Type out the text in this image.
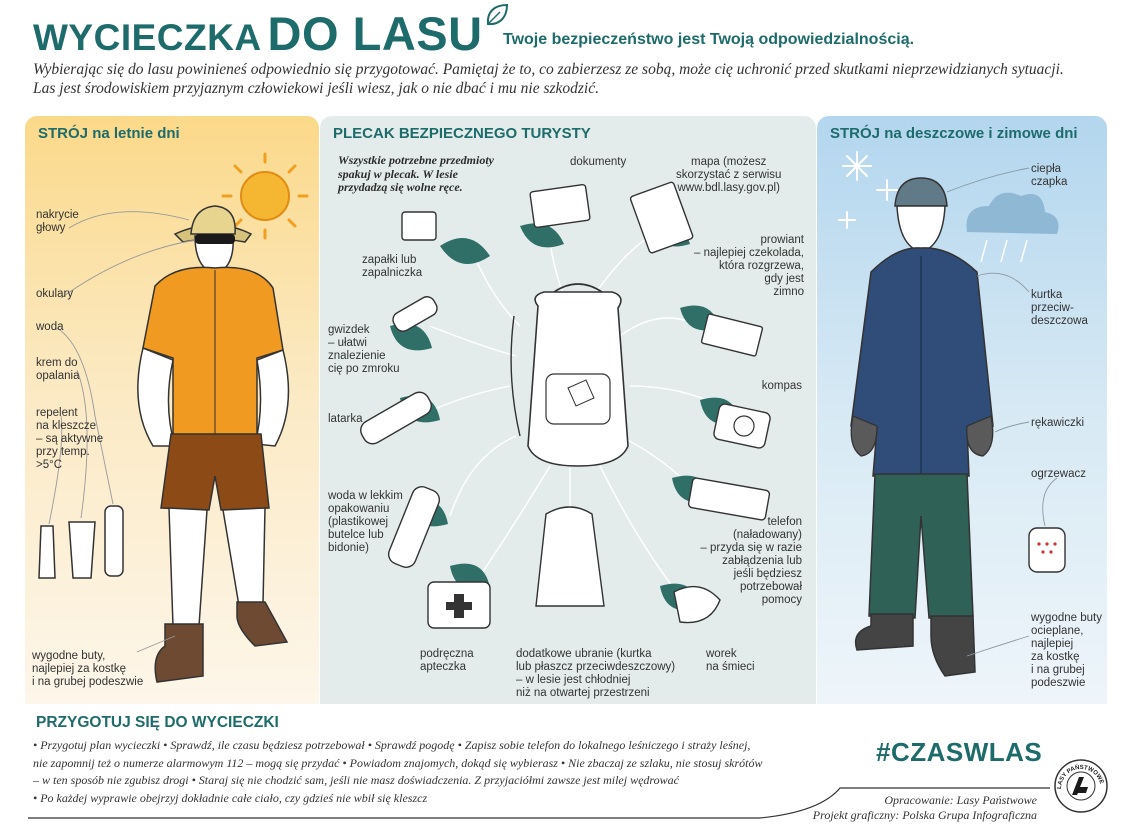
WYCIECZKA DO LASU Twoje bezpieczeństwo jest Twoją odpowiedzialnością.
Wybierając się do lasu powinieneś odpowiednio się przygotować. Pamiętaj że to, co zabierzesz ze sobą, może cię uchronić przed skutkami nieprzewidzianych sytuacji.
Las jest środowiskiem przyjaznym człowiekowi jeśli wiesz, jak o nie dbać i mu nie szkodzić.
STRÓJ na letnie dni
nakrycie
głowy
okulary
woda
krem do
opalania
repelent
na kleszcze
– są aktywne
przy temp.
>5°C
wygodne buty,
najlepiej za kostkę
i na grubej podeszwie
PLECAK BEZPIECZNEGO TURYSTY
Wszystkie potrzebne przedmioty
spakuj w plecak. W lesie
przydadzą się wolne ręce.
dokumenty	mapa (możesz
skorzystać z serwisu
www.bdl.lasy.gov.pl)
zapałki lub
zapalniczka
prowiant
– najlepiej czekolada,
która rozgrzewa,
gdy jest
zimno
gwizdek
– ułatwi
znalezienie
cię po zmroku
kompas
latarka
woda w lekkim
opakowaniu
(plastikowej
butelce lub
bidonie)
telefon
(naładowany)
– przyda się w razie
zabłądzenia lub
jeśli będziesz
potrzebował
pomocy
podręczna
apteczka
dodatkowe ubranie (kurtka
lub płaszcz przeciwdeszczowy)
– w lesie jest chłodniej
niż na otwartej przestrzeni
worek
na śmieci
STRÓJ na deszczowe i zimowe dni
ciepła
czapka
kurtka
przeciw-
deszczowa
rękawiczki
ogrzewacz
wygodne buty
ocieplane,
najlepiej
za kostkę
i na grubej
podeszwie
PRZYGOTUJ SIĘ DO WYCIECZKI
• Przygotuj plan wycieczki • Sprawdź, ile czasu będziesz potrzebował • Sprawdź pogodę • Zapisz sobie telefon do lokalnego leśniczego i straży leśnej,
nie zapomnij też o numerze alarmowym 112 – mogą się przydać • Powiadom znajomych, dokąd się wybierasz • Nie zbaczaj ze szlaku, nie stosuj skrótów
– w ten sposób nie zgubisz drogi • Staraj się nie chodzić sam, jeśli nie masz doświadczenia. Z przyjaciółmi zawsze jest milej wędrować
• Po każdej wyprawie obejrzyj dokładnie całe ciało, czy gdzieś nie wbił się kleszcz
#CZASWLAS
Opracowanie: Lasy Państwowe
Projekt graficzny: Polska Grupa Infograficzna
LASY PAŃSTWOWE
